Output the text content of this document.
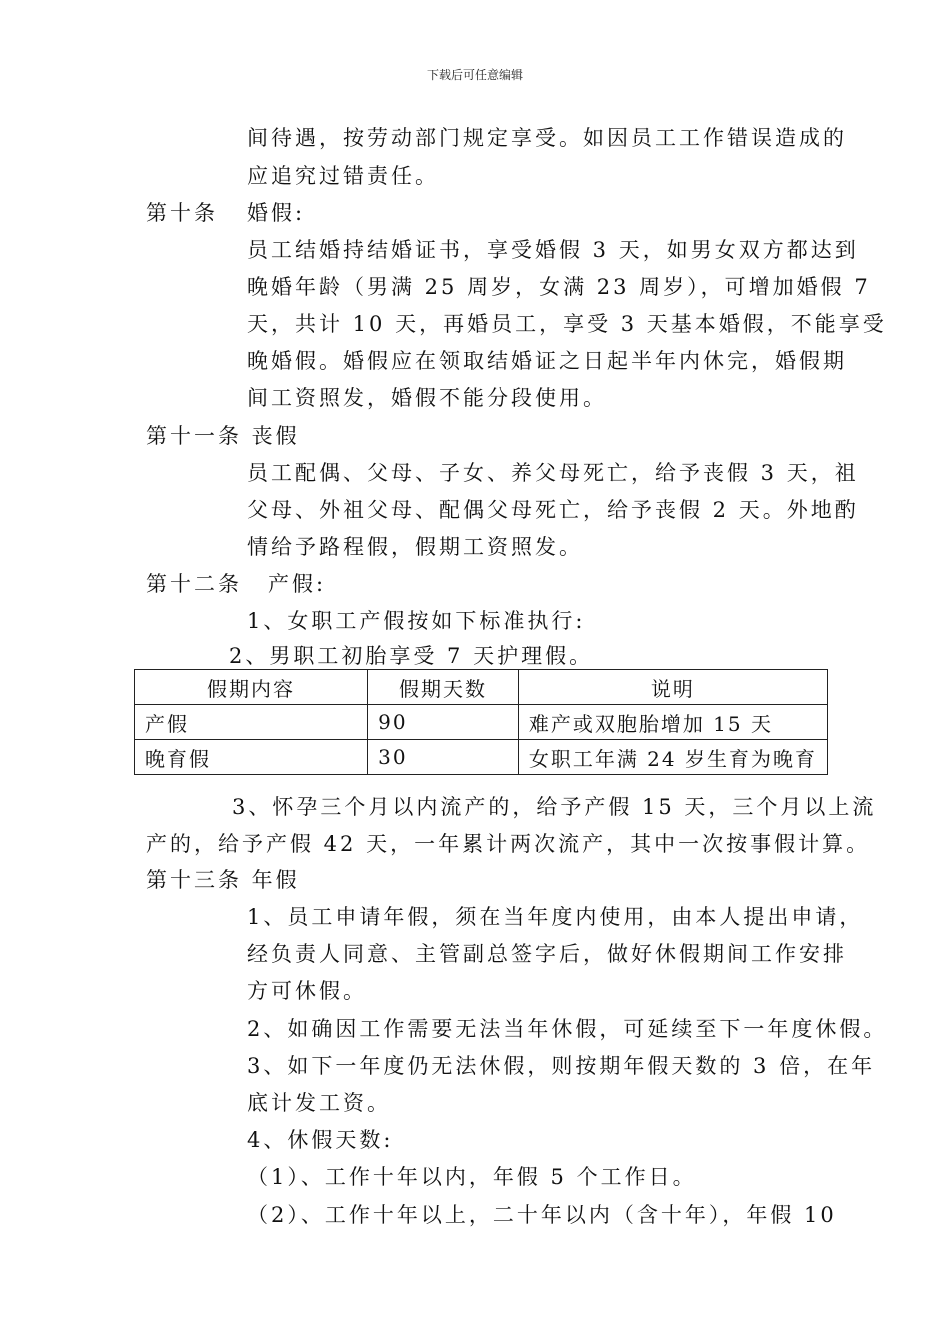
下载后可任意编辑
间待遇，按劳动部门规定享受。如因员工工作错误造成的
应追究过错责任。
第十条 婚假:
员工结婚持结婚证书，享受婚假 3 天，如男女双方都达到
晚婚年龄（男满 25 周岁，女满 23 周岁），可增加婚假 7
天，共计 10 天，再婚员工，享受 3 天基本婚假，不能享受
晚婚假。婚假应在领取结婚证之日起半年内休完，婚假期
间工资照发，婚假不能分段使用。
第十一条 丧假
员工配偶、父母、子女、养父母死亡，给予丧假 3 天，祖
父母、外祖父母、配偶父母死亡，给予丧假 2 天。外地酌
情给予路程假，假期工资照发。
第十二条 产假:
1、女职工产假按如下标准执行:
2、男职工初胎享受 7 天护理假。
假期内容	假期天数	说明
产假	90	难产或双胞胎增加 15 天
晚育假	30	女职工年满 24 岁生育为晚育
3、怀孕三个月以内流产的，给予产假 15 天，三个月以上流
产的，给予产假 42 天，一年累计两次流产，其中一次按事假计算。
第十三条 年假
1、员工申请年假，须在当年度内使用，由本人提出申请，
经负责人同意、主管副总签字后，做好休假期间工作安排
方可休假。
2、如确因工作需要无法当年休假，可延续至下一年度休假。
3、如下一年度仍无法休假，则按期年假天数的 3 倍，在年
底计发工资。
4、休假天数:
（1）、工作十年以内，年假 5 个工作日。
（2）、工作十年以上，二十年以内（含十年），年假 10
